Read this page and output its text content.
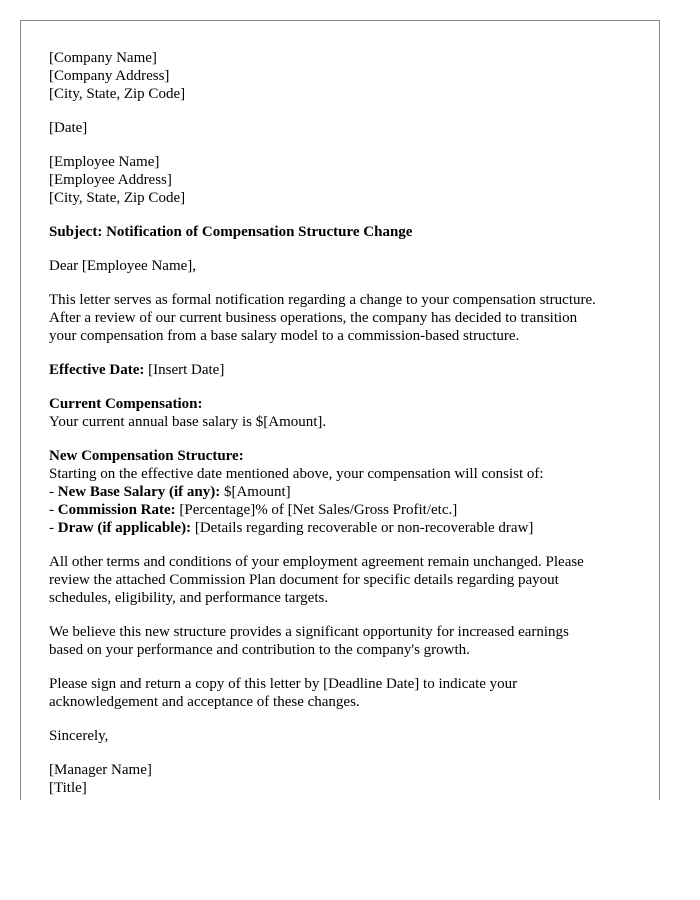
[Company Name]
[Company Address]
[City, State, Zip Code]
[Date]
[Employee Name]
[Employee Address]
[City, State, Zip Code]
Subject: Notification of Compensation Structure Change
Dear [Employee Name],
This letter serves as formal notification regarding a change to your compensation structure.
After a review of our current business operations, the company has decided to transition
your compensation from a base salary model to a commission-based structure.
Effective Date: [Insert Date]
Current Compensation:
Your current annual base salary is $[Amount].
New Compensation Structure:
Starting on the effective date mentioned above, your compensation will consist of:
- New Base Salary (if any): $[Amount]
- Commission Rate: [Percentage]% of [Net Sales/Gross Profit/etc.]
- Draw (if applicable): [Details regarding recoverable or non-recoverable draw]
All other terms and conditions of your employment agreement remain unchanged. Please
review the attached Commission Plan document for specific details regarding payout
schedules, eligibility, and performance targets.
We believe this new structure provides a significant opportunity for increased earnings
based on your performance and contribution to the company's growth.
Please sign and return a copy of this letter by [Deadline Date] to indicate your
acknowledgement and acceptance of these changes.
Sincerely,
[Manager Name]
[Title]
